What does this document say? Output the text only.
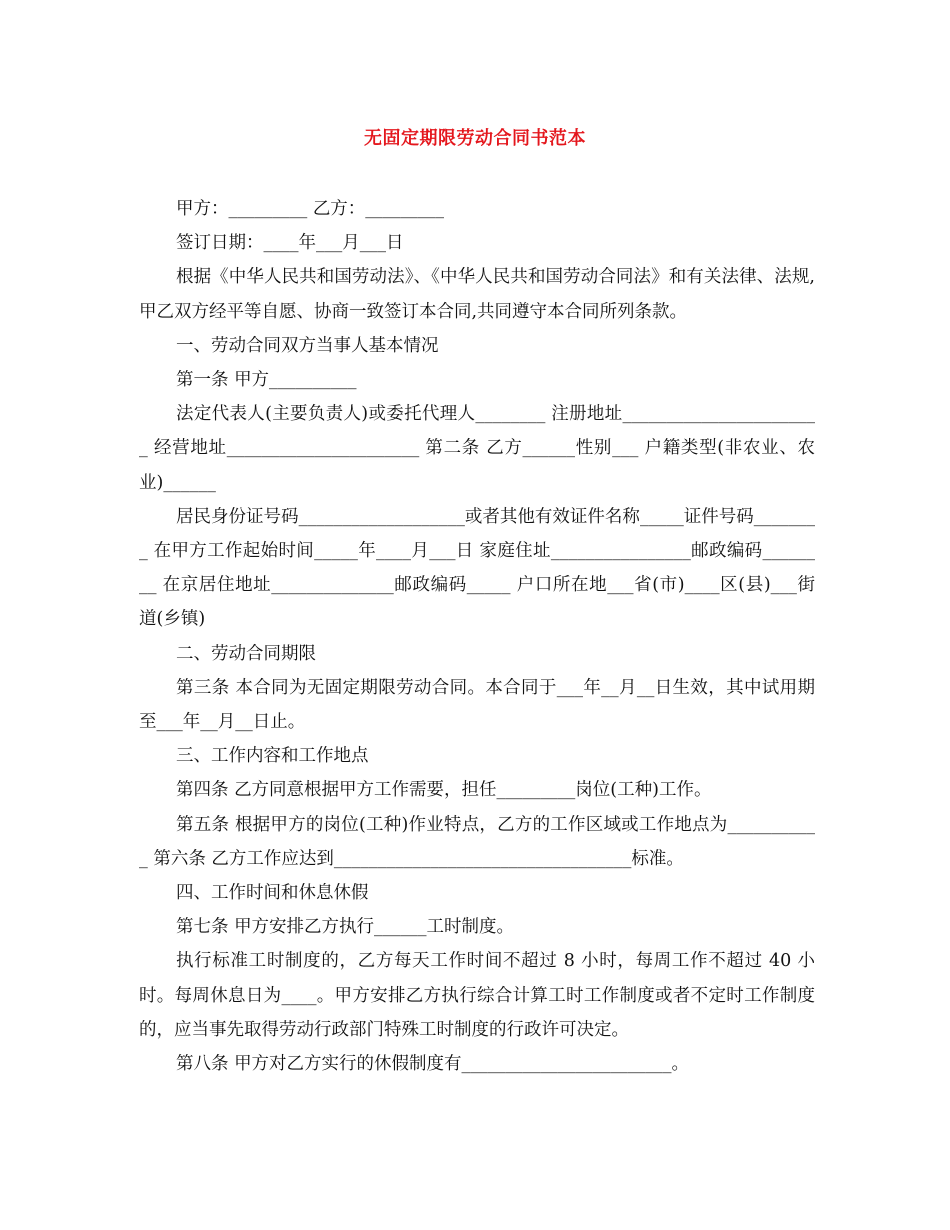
无固定期限劳动合同书范本

甲方：_________ 乙方：_________

签订日期：____年___月___日

根据《中华人民共和国劳动法》、《中华人民共和国劳动合同法》和有关法律、法规,甲乙双方经平等自愿、协商一致签订本合同,共同遵守本合同所列条款。

一、劳动合同双方当事人基本情况

第一条 甲方__________

法定代表人(主要负责人)或委托代理人________ 注册地址_______________________ 经营地址______________________ 第二条 乙方______性别___ 户籍类型(非农业、农业)______

居民身份证号码___________________或者其他有效证件名称_____证件号码________ 在甲方工作起始时间_____年____月___日 家庭住址________________邮政编码________ 在京居住地址______________邮政编码_____ 户口所在地___省(市)____区(县)___街道(乡镇)

二、劳动合同期限

第三条 本合同为无固定期限劳动合同。本合同于___年__月__日生效，其中试用期至___年__月__日止。

三、工作内容和工作地点

第四条 乙方同意根据甲方工作需要，担任_________岗位(工种)工作。

第五条 根据甲方的岗位(工种)作业特点，乙方的工作区域或工作地点为___________ 第六条 乙方工作应达到__________________________________标准。

四、工作时间和休息休假

第七条 甲方安排乙方执行______工时制度。

执行标准工时制度的，乙方每天工作时间不超过 8 小时，每周工作不超过 40 小时。每周休息日为____。甲方安排乙方执行综合计算工时工作制度或者不定时工作制度的，应当事先取得劳动行政部门特殊工时制度的行政许可决定。

第八条 甲方对乙方实行的休假制度有________________________。
